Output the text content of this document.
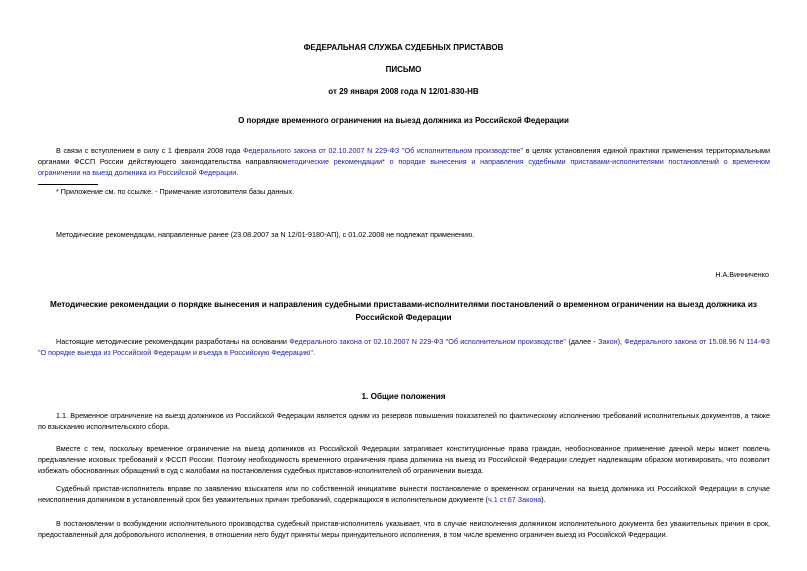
ФЕДЕРАЛЬНАЯ СЛУЖБА СУДЕБНЫХ ПРИСТАВОВ
ПИСЬМО
от 29 января 2008 года N 12/01-830-НВ
О порядке временного ограничения на выезд должника из Российской Федерации
В связи с вступлением в силу с 1 февраля 2008 года Федерального закона от 02.10.2007 N 229-ФЗ "Об исполнительном производстве" в целях установления единой практики применения территориальными органами ФССП России действующего законодательства направляюметодические рекомендации* о порядке вынесения и направления судебными приставами-исполнителями постановлений о временном ограничении на выезд должника из Российской Федерации.
* Приложение см. по ссылке. - Примечание изготовителя базы данных.
Методические рекомендации, направленные ранее (23.08.2007 за N 12/01-9180-АП), с 01.02.2008 не подлежат применению.
Н.А.Винниченко
Методические рекомендации о порядке вынесения и направления судебными приставами-исполнителями постановлений о временном ограничении на выезд должника из Российской Федерации
Настоящие методические рекомендации разработаны на основании Федерального закона от 02.10.2007 N 229-ФЗ "Об исполнительном производстве" (далее - Закон), Федерального закона от 15.08.96 N 114-ФЗ "О порядке выезда из Российской Федерации и въезда в Российскую Федерацию".
1. Общие положения
1.1. Временное ограничение на выезд должников из Российской Федерации является одним из резервов повышения показателей по фактическому исполнению требований исполнительных документов, а также по взысканию исполнительского сбора.
Вместе с тем, поскольку временное ограничение на выезд должников из Российской Федерации затрагивает конституционные права граждан, необоснованное применение данной меры может повлечь предъявление исковых требований к ФССП России. Поэтому необходимость временного ограничения права должника на выезд из Российской Федерации следует надлежащим образом мотивировать, что позволит избежать обоснованных обращений в суд с жалобами на постановления судебных приставов-исполнителей об ограничении выезда.
Судебный пристав-исполнитель вправе по заявлению взыскателя или по собственной инициативе вынести постановление о временном ограничении на выезд должника из Российской Федерации в случае неисполнения должником в установленный срок без уважительных причин требований, содержащихся в исполнительном документе (ч.1 ст.67 Закона).
В постановлении о возбуждении исполнительного производства судебный пристав-исполнитель указывает, что в случае неисполнения должником исполнительного документа без уважительных причин в срок, предоставленный для добровольного исполнения, в отношении него будут приняты меры принудительного исполнения, в том числе временно ограничен выезд из Российской Федерации.
